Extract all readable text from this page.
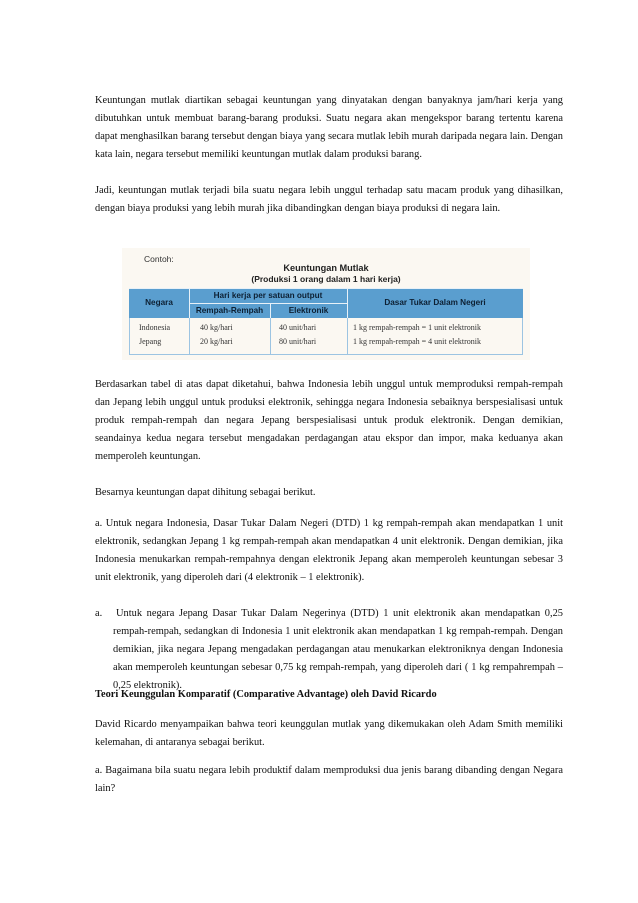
Keuntungan mutlak diartikan sebagai keuntungan yang dinyatakan dengan banyaknya jam/hari kerja yang dibutuhkan untuk membuat barang-barang produksi. Suatu negara akan mengekspor barang tertentu karena dapat menghasilkan barang tersebut dengan biaya yang secara mutlak lebih murah daripada negara lain. Dengan kata lain, negara tersebut memiliki keuntungan mutlak dalam produksi barang.

Jadi, keuntungan mutlak terjadi bila suatu negara lebih unggul terhadap satu macam produk yang dihasilkan, dengan biaya produksi yang lebih murah jika dibandingkan dengan biaya produksi di negara lain.

Berdasarkan tabel di atas dapat diketahui, bahwa Indonesia lebih unggul untuk memproduksi rempah-rempah dan Jepang lebih unggul untuk produksi elektronik, sehingga negara Indonesia sebaiknya berspesialisasi untuk produk rempah-rempah dan negara Jepang berspesialisasi untuk produk elektronik. Dengan demikian, seandainya kedua negara tersebut mengadakan perdagangan atau ekspor dan impor, maka keduanya akan memperoleh keuntungan.

Besarnya keuntungan dapat dihitung sebagai berikut.

a. Untuk negara Indonesia, Dasar Tukar Dalam Negeri (DTD) 1 kg rempah-rempah akan mendapatkan 1 unit elektronik, sedangkan Jepang 1 kg rempah-rempah akan mendapatkan 4 unit elektronik. Dengan demikian, jika Indonesia menukarkan rempah-rempahnya dengan elektronik Jepang akan memperoleh keuntungan sebesar 3 unit elektronik, yang diperoleh dari (4 elektronik – 1 elektronik).

a.   Untuk negara Jepang Dasar Tukar Dalam Negerinya (DTD) 1 unit elektronik akan mendapatkan 0,25 rempah-rempah, sedangkan di Indonesia 1 unit elektronik akan mendapatkan 1 kg rempah-rempah. Dengan demikian, jika negara Jepang mengadakan perdagangan atau menukarkan elektroniknya dengan Indonesia akan memperoleh keuntungan sebesar 0,75 kg rempah-rempah, yang diperoleh dari ( 1 kg rempahrempah – 0,25 elektronik).

Teori Keunggulan Komparatif (Comparative Advantage) oleh David Ricardo

David Ricardo menyampaikan bahwa teori keunggulan mutlak yang dikemukakan oleh Adam Smith memiliki kelemahan, di antaranya sebagai berikut.

a. Bagaimana bila suatu negara lebih produktif dalam memproduksi dua jenis barang dibanding dengan Negara lain?

Contoh:
Keuntungan Mutlak
(Produksi 1 orang dalam 1 hari kerja)
Negara
Hari kerja per satuan output
Rempah-Rempah	Elektronik
Dasar Tukar Dalam Negeri
Indonesia	40 kg/hari	40 unit/hari	1 kg rempah-rempah = 1 unit elektronik
Jepang	20 kg/hari	80 unit/hari	1 kg rempah-rempah = 4 unit elektronik
